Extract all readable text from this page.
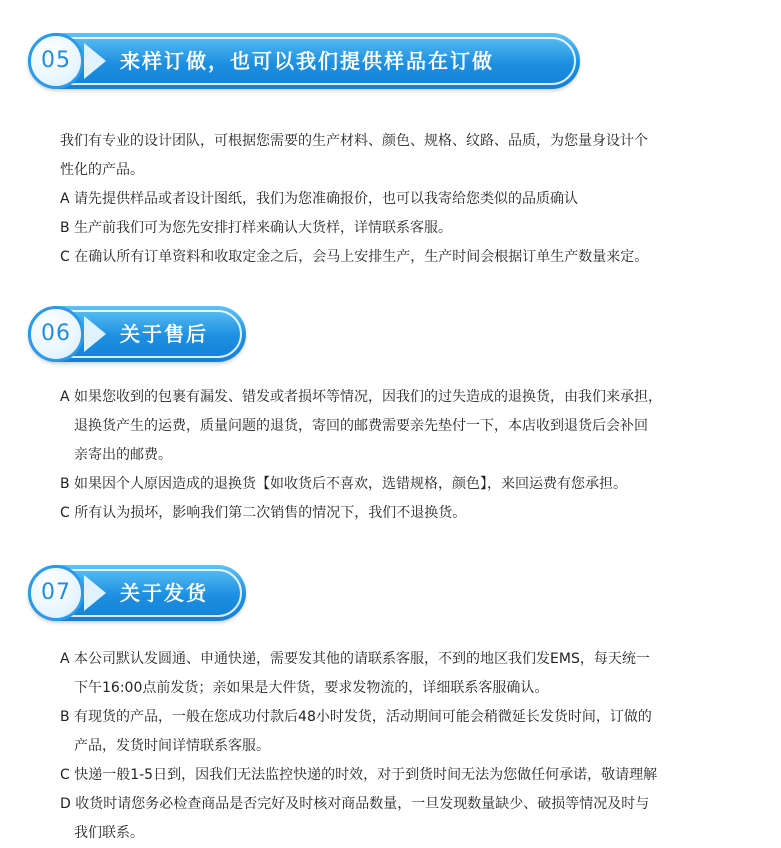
05	来样订做，也可以我们提供样品在订做

我们有专业的设计团队，可根据您需要的生产材料、颜色、规格、纹路、品质，为您量身设计个

性化的产品。

A 请先提供样品或者设计图纸，我们为您准确报价，也可以我寄给您类似的品质确认

B 生产前我们可为您先安排打样来确认大货样，详情联系客服。

C 在确认所有订单资料和收取定金之后，会马上安排生产，生产时间会根据订单生产数量来定。

06	关于售后

A 如果您收到的包裹有漏发、错发或者损坏等情况，因我们的过失造成的退换货，由我们来承担，

退换货产生的运费，质量问题的退货，寄回的邮费需要亲先垫付一下，本店收到退货后会补回

亲寄出的邮费。

B 如果因个人原因造成的退换货【如收货后不喜欢，选错规格，颜色】，来回运费有您承担。

C 所有认为损坏，影响我们第二次销售的情况下，我们不退换货。

07	关于发货

A 本公司默认发圆通、申通快递，需要发其他的请联系客服，不到的地区我们发EMS，每天统一

下午16:00点前发货；亲如果是大件货，要求发物流的，详细联系客服确认。

B 有现货的产品，一般在您成功付款后48小时发货，活动期间可能会稍微延长发货时间，订做的

产品，发货时间详情联系客服。

C 快递一般1-5日到，因我们无法监控快递的时效，对于到货时间无法为您做任何承诺，敬请理解

D 收货时请您务必检查商品是否完好及时核对商品数量，一旦发现数量缺少、破损等情况及时与

我们联系。
